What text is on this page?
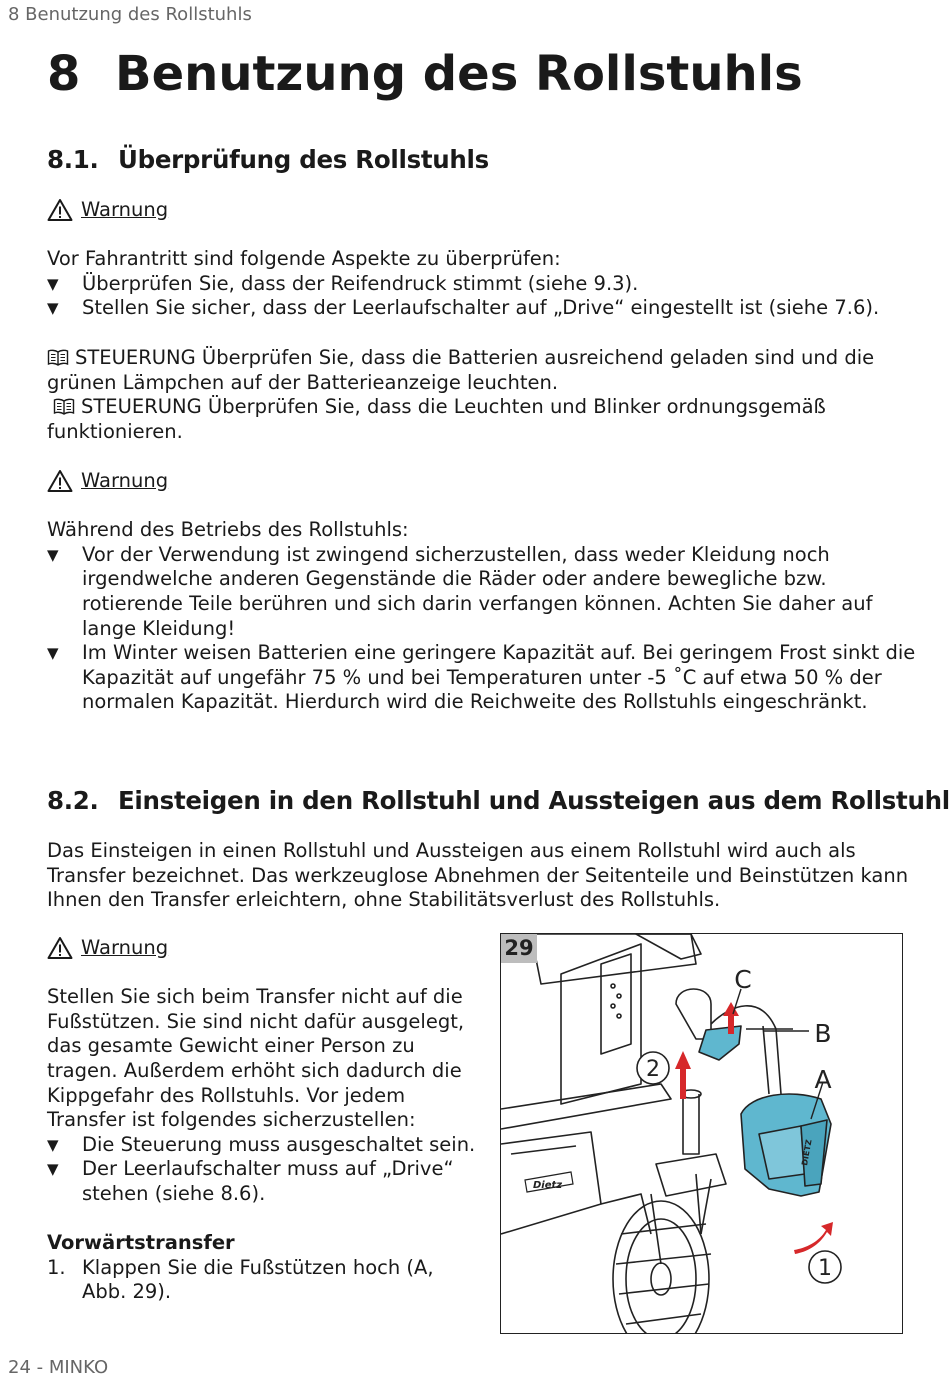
8 Benutzung des Rollstuhls
8 Benutzung des Rollstuhls
8.1. Überprüfung des Rollstuhls
Warnung
Vor Fahrantritt sind folgende Aspekte zu überprüfen:
▼	Überprüfen Sie, dass der Reifendruck stimmt (siehe 9.3).
▼	Stellen Sie sicher, dass der Leerlaufschalter auf „Drive“ eingestellt ist (siehe 7.6).
STEUERUNG Überprüfen Sie, dass die Batterien ausreichend geladen sind und die grünen Lämpchen auf der Batterieanzeige leuchten.
STEUERUNG Überprüfen Sie, dass die Leuchten und Blinker ordnungsgemäß funktionieren.
Warnung
Während des Betriebs des Rollstuhls:
▼	Vor der Verwendung ist zwingend sicherzustellen, dass weder Kleidung noch irgendwelche anderen Gegenstände die Räder oder andere bewegliche bzw. rotierende Teile berühren und sich darin verfangen können. Achten Sie daher auf lange Kleidung!
▼	Im Winter weisen Batterien eine geringere Kapazität auf. Bei geringem Frost sinkt die Kapazität auf ungefähr 75 % und bei Temperaturen unter -5 ˚C auf etwa 50 % der normalen Kapazität. Hierdurch wird die Reichweite des Rollstuhls eingeschränkt.
8.2. Einsteigen in den Rollstuhl und Aussteigen aus dem Rollstuhl
Das Einsteigen in einen Rollstuhl und Aussteigen aus einem Rollstuhl wird auch als Transfer bezeichnet. Das werkzeuglose Abnehmen der Seitenteile und Beinstützen kann Ihnen den Transfer erleichtern, ohne Stabilitätsverlust des Rollstuhls.
Warnung
Stellen Sie sich beim Transfer nicht auf die Fußstützen. Sie sind nicht dafür ausgelegt, das gesamte Gewicht einer Person zu tragen. Außerdem erhöht sich dadurch die Kippgefahr des Rollstuhls. Vor jedem Transfer ist folgendes sicherzustellen:
▼	Die Steuerung muss ausgeschaltet sein.
▼	Der Leerlaufschalter muss auf „Drive“ stehen (siehe 8.6).
Vorwärtstransfer
1. Klappen Sie die Fußstützen hoch (A, Abb. 29).
DIETZ
Dietz
2
1
C
B
A
29
24 - MINKO
